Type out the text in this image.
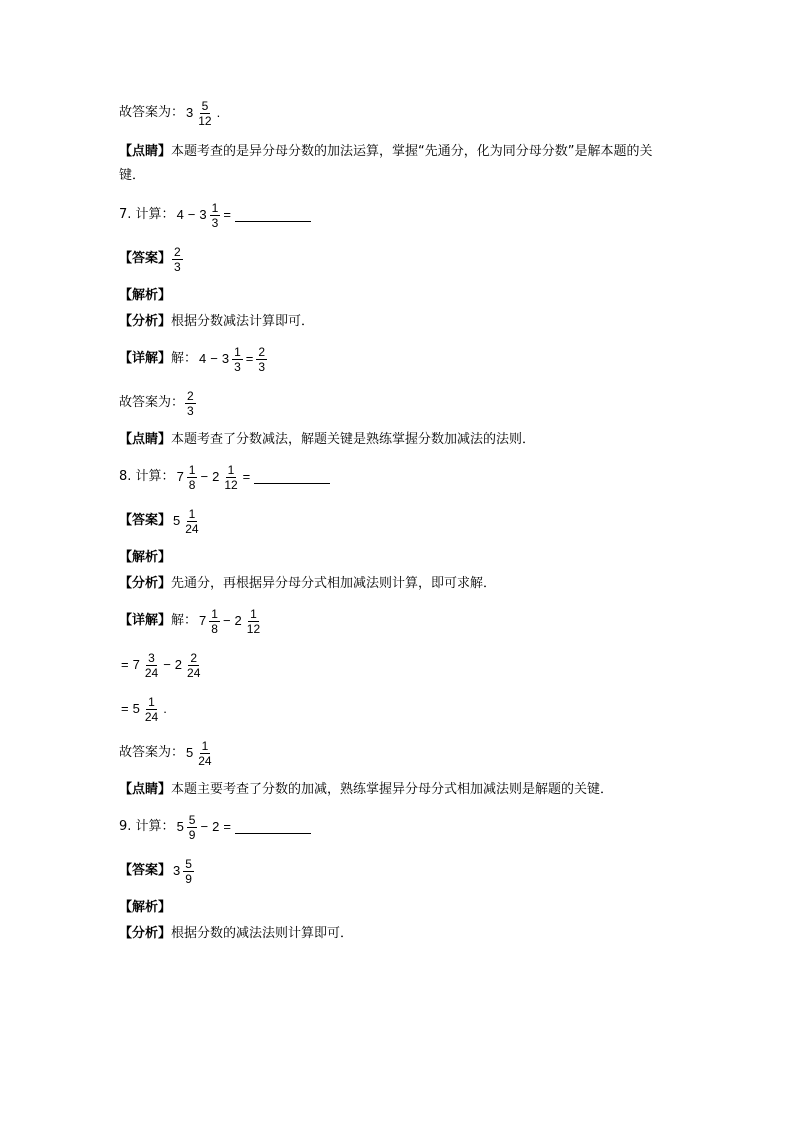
故答案为： $3 \frac{5}{12}$ .
【点睛】本题考查的是异分母分数的加法运算，掌握“先通分，化为同分母分数”是解本题的关键．
7.
计算： $4 - 3 \frac{1}{3}$ =
【答案】 $\frac{2}{3}$
【解析】
【分析】 根据分数减法计算即可．
【详解】 解： $4 - 3 \frac{1}{3} = \frac{2}{3}$
故答案为： $\frac{2}{3}$
【点睛】 本题考查了分数减法，解题关键是熟练掌握分数加减法的法则．
8.
计算： $7 \frac{1}{8} - 2 \frac{1}{12}$ =
【答案】 $5 \frac{1}{24}$
【解析】
【分析】 先通分，再根据异分母分式相加减法则计算，即可求解．
【详解】 解： $7 \frac{1}{8} - 2 \frac{1}{12}$
= $7 \frac{3}{24} - 2 \frac{2}{24}$
= $5 \frac{1}{24}$ .
故答案为： $5 \frac{1}{24}$
【点睛】 本题主要考查了分数的加减，熟练掌握异分母分式相加减法则是解题的关键．
9.
计算： $5 \frac{5}{9} - 2$ =
【答案】 $3 \frac{5}{9}$
【解析】
【分析】 根据分数的减法法则计算即可．
